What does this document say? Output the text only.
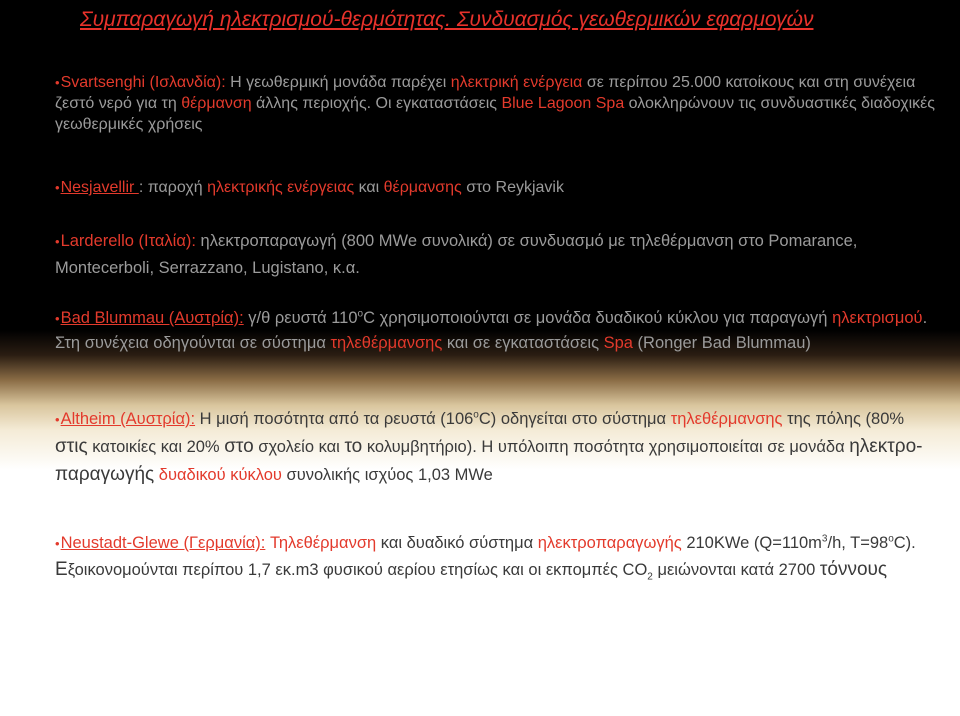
Συμπαραγωγή ηλεκτρισμού-θερμότητας. Συνδυασμός γεωθερμικών εφαρμογών

•Svartsenghi (Ισλανδία): Η γεωθερμική μονάδα παρέχει ηλεκτρική ενέργεια σε περίπου 25.000 κατοίκους και στη συνέχεια ζεστό νερό για τη θέρμανση άλλης περιοχής. Οι εγκαταστάσεις Blue Lagoon Spa ολοκληρώνουν τις συνδυαστικές διαδοχικές γεωθερμικές χρήσεις

•Nesjavellir : παροχή ηλεκτρικής ενέργειας και θέρμανσης στο Reykjavik

•Larderello (Ιταλία): ηλεκτροπαραγωγή (800 MWe συνολικά) σε συνδυασμό με τηλεθέρμανση στο Pomarance, Montecerboli, Serrazzano, Lugistano, κ.α.

•Bad Blummau (Αυστρία): γ/θ ρευστά 110$^o$C χρησιμοποιούνται σε μονάδα δυαδικού κύκλου για παραγωγή ηλεκτρισμού. Στη συνέχεια οδηγούνται σε σύστημα τηλεθέρμανσης και σε εγκαταστάσεις Spa (Ronger Bad Blummau)

•Altheim (Αυστρία): Η μισή ποσότητα από τα ρευστά (106$^o$C) οδηγείται στο σύστημα τηλεθέρμανσης της πόλης (80% στις κατοικίες και 20% στο σχολείο και το κολυμβητήριο). Η υπόλοιπη ποσότητα χρησιμοποιείται σε μονάδα ηλεκτρο-παραγωγής δυαδικού κύκλου συνολικής ισχύος 1,03 MWe

•Neustadt-Glewe (Γερμανία): Τηλεθέρμανση και δυαδικό σύστημα ηλεκτροπαραγωγής 210KWe ($Q=110m^3/h$, $T=98^oC$). Εξοικονομούνται περίπου 1,7 εκ.m3 φυσικού αερίου ετησίως και οι εκπομπές $CO_2$ μειώνονται κατά 2700 τόννους
